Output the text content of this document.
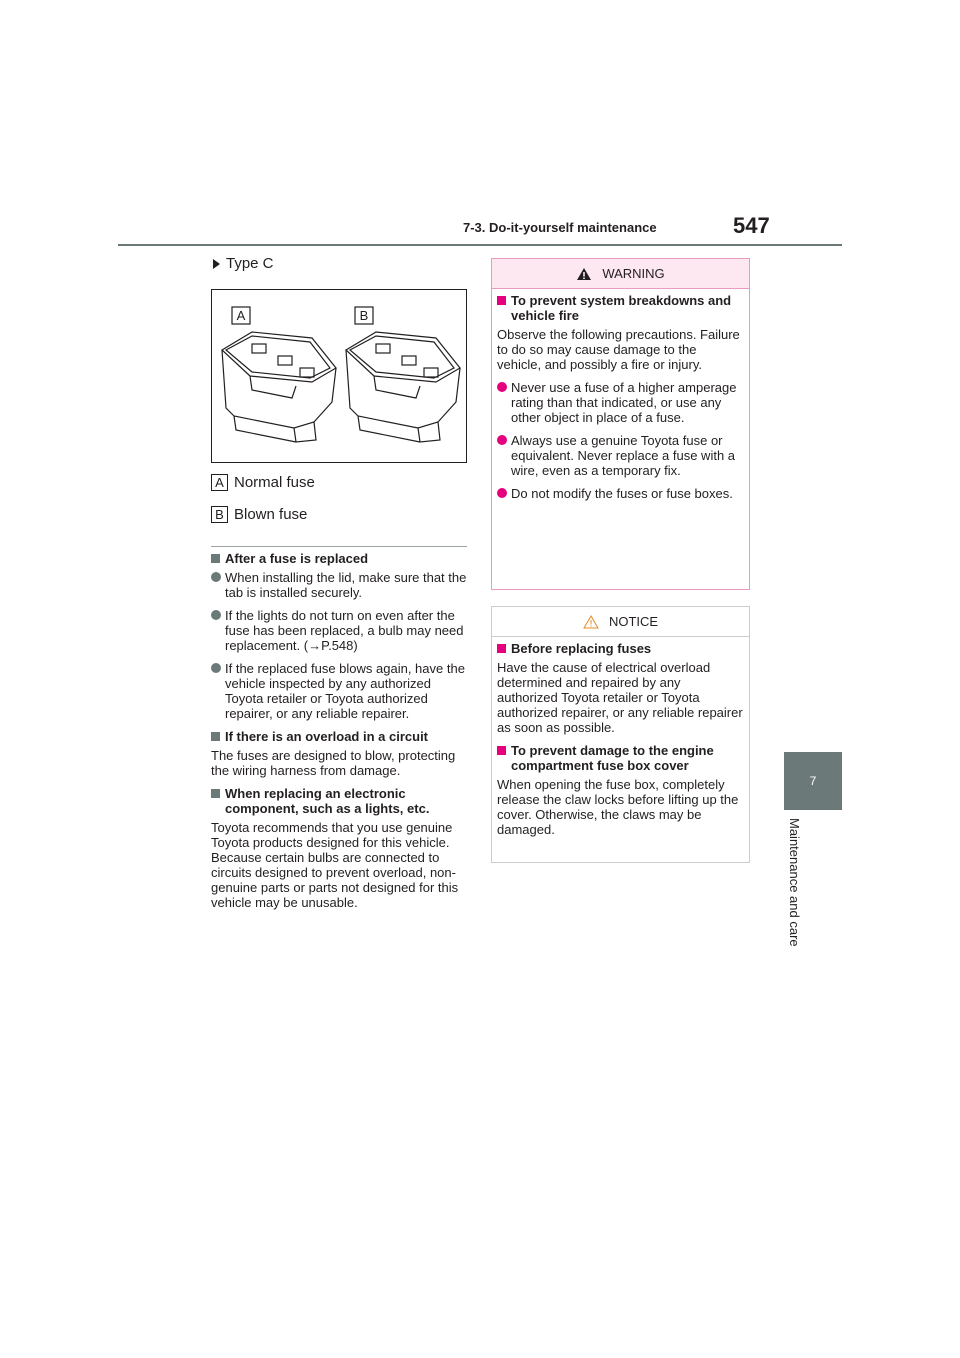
7-3. Do-it-yourself maintenance	547
7
Maintenance and care
Type C
A	B
A Normal fuse
B Blown fuse
After a fuse is replaced
When installing the lid, make sure that the tab is installed securely.
If the lights do not turn on even after the fuse has been replaced, a bulb may need replacement. (→P.548)
If the replaced fuse blows again, have the vehicle inspected by any authorized Toyota retailer or Toyota authorized repairer, or any reliable repairer.
If there is an overload in a circuit
The fuses are designed to blow, protecting the wiring harness from damage.
When replacing an electronic component, such as a lights, etc.
Toyota recommends that you use genuine Toyota products designed for this vehicle. Because certain bulbs are connected to circuits designed to prevent overload, non-genuine parts or parts not designed for this vehicle may be unusable.
WARNING
To prevent system breakdowns and vehicle fire
Observe the following precautions. Failure to do so may cause damage to the vehicle, and possibly a fire or injury.
Never use a fuse of a higher amperage rating than that indicated, or use any other object in place of a fuse.
Always use a genuine Toyota fuse or equivalent. Never replace a fuse with a wire, even as a temporary fix.
Do not modify the fuses or fuse boxes.
NOTICE
Before replacing fuses
Have the cause of electrical overload determined and repaired by any authorized Toyota retailer or Toyota authorized repairer, or any reliable repairer as soon as possible.
To prevent damage to the engine compartment fuse box cover
When opening the fuse box, completely release the claw locks before lifting up the cover. Otherwise, the claws may be damaged.
